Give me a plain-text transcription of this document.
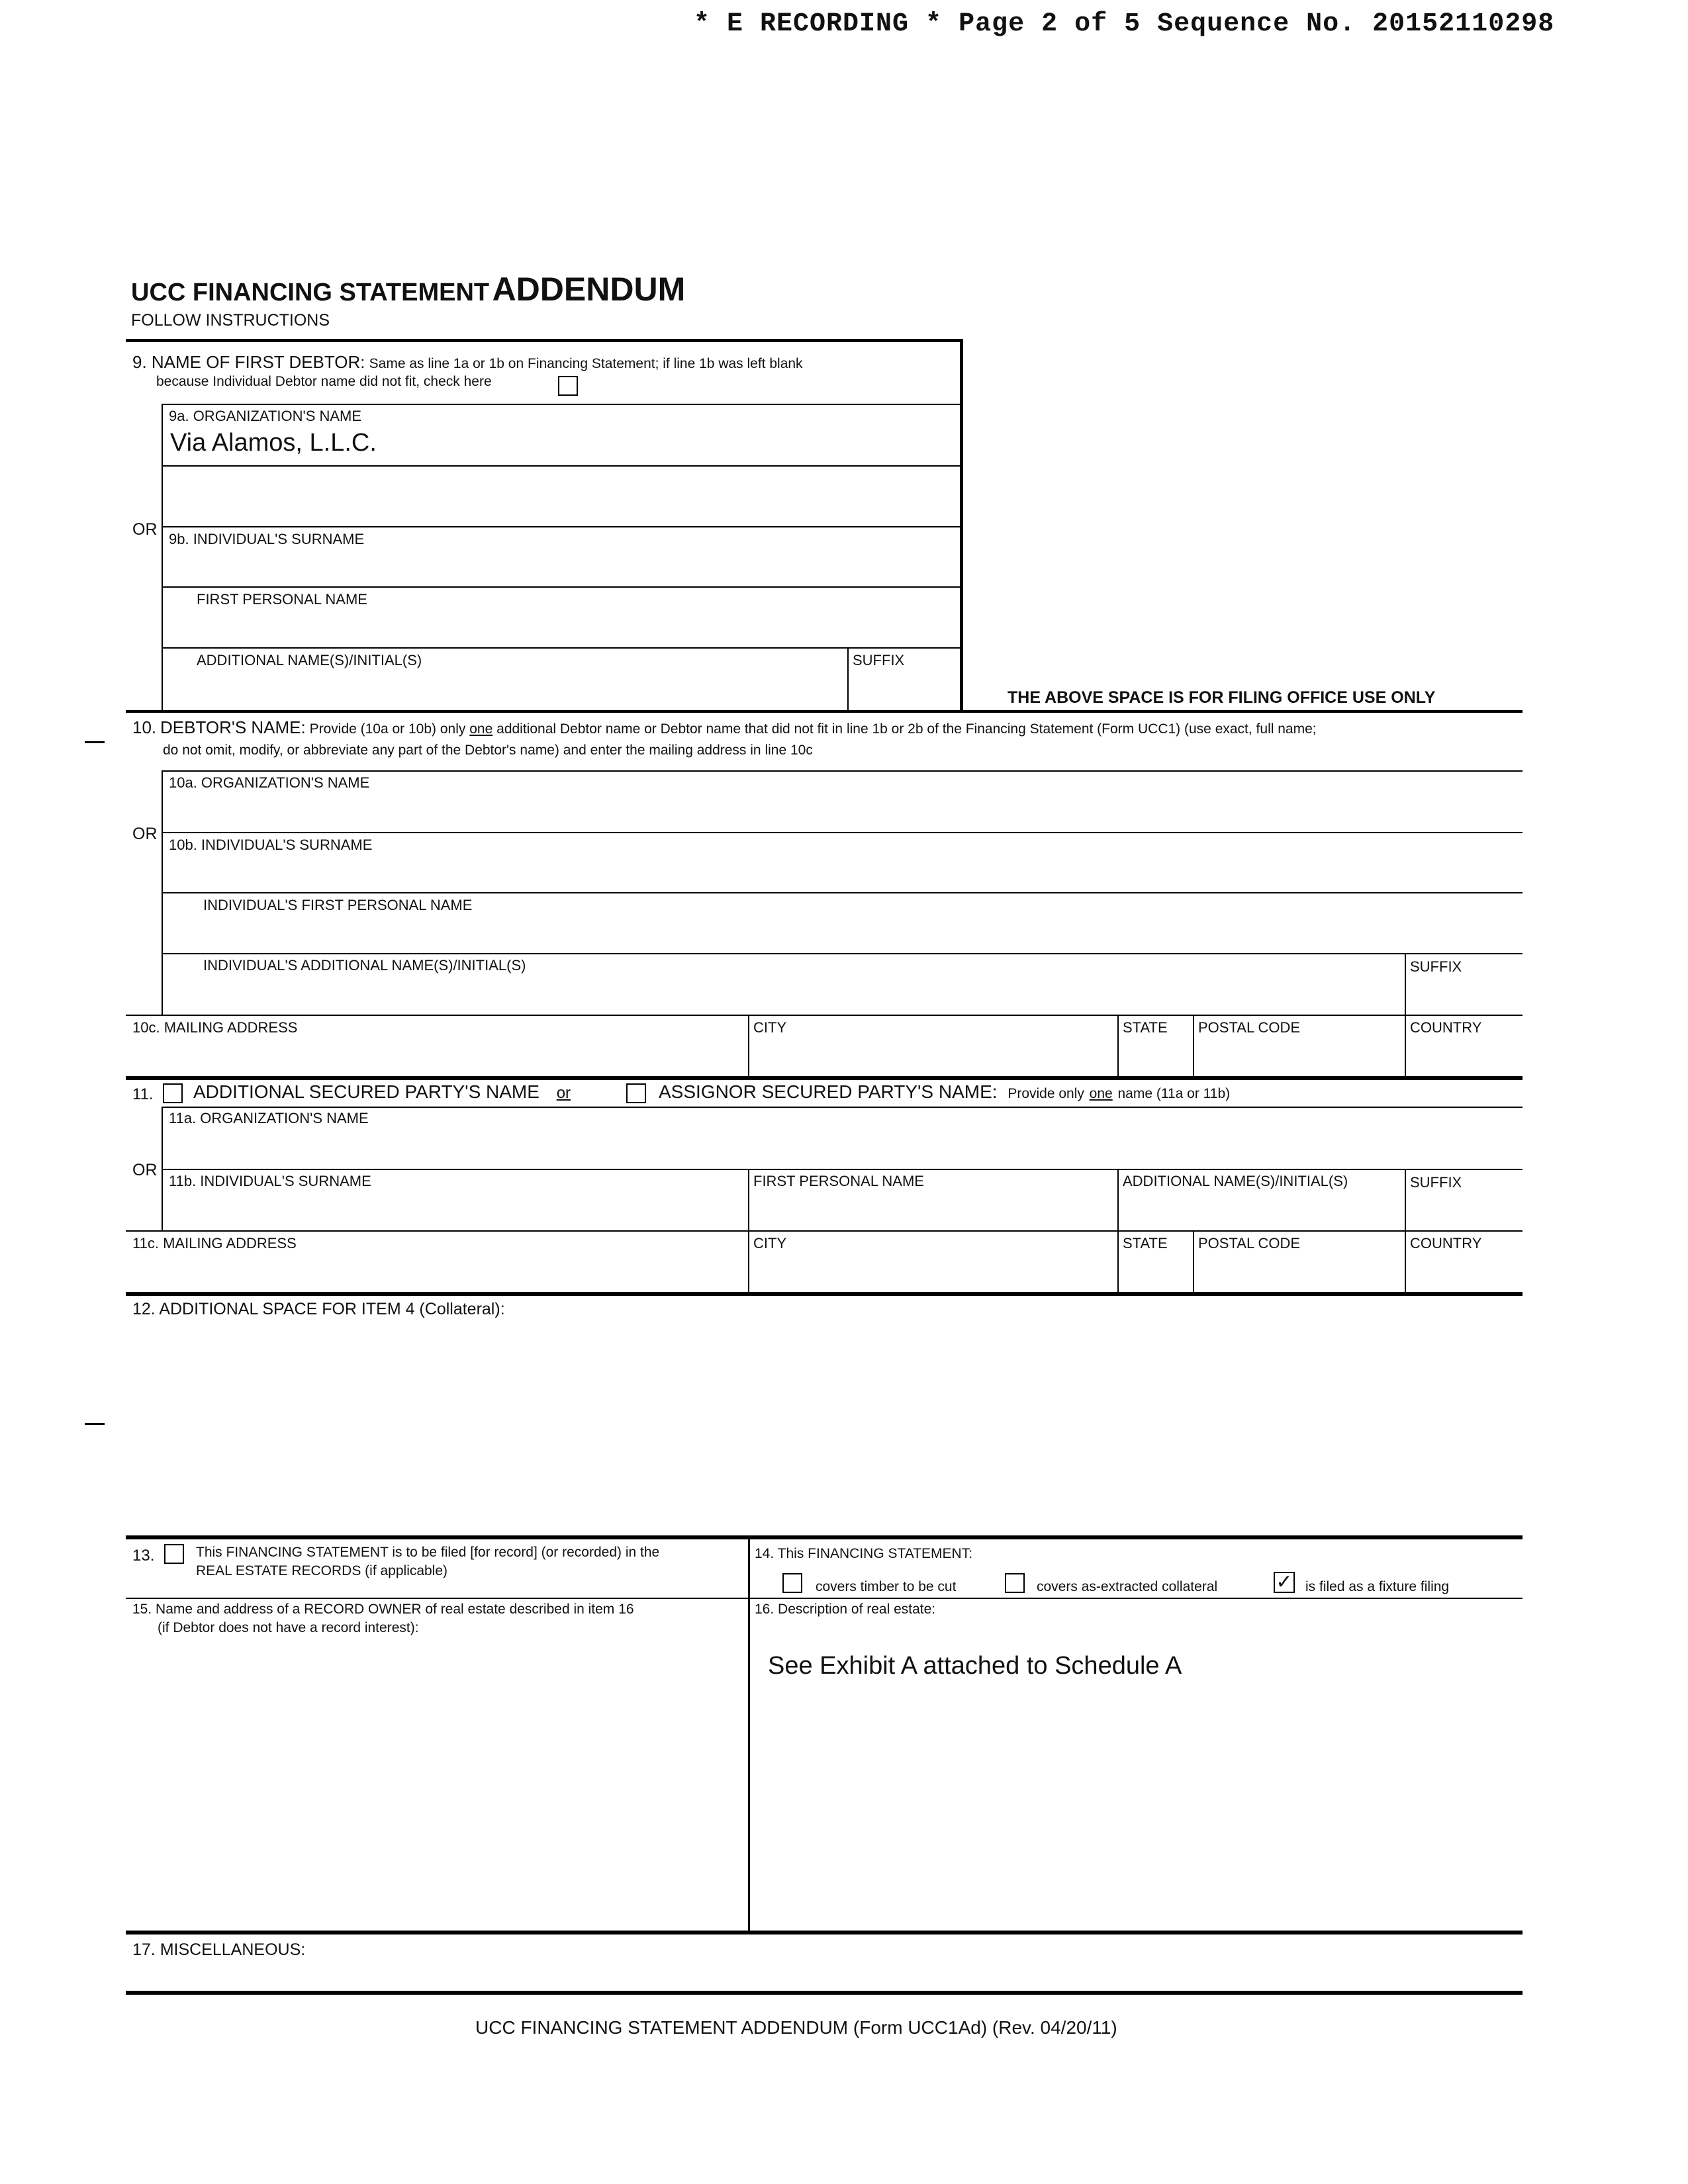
* E RECORDING * Page 2 of 5 Sequence No. 20152110298
UCC FINANCING STATEMENT ADDENDUM
FOLLOW INSTRUCTIONS
9. NAME OF FIRST DEBTOR: Same as line 1a or 1b on Financing Statement; if line 1b was left blank
because Individual Debtor name did not fit, check here
9a. ORGANIZATION'S NAME
Via Alamos, L.L.C.
OR
9b. INDIVIDUAL'S SURNAME
FIRST PERSONAL NAME
ADDITIONAL NAME(S)/INITIAL(S)	SUFFIX
THE ABOVE SPACE IS FOR FILING OFFICE USE ONLY
10. DEBTOR'S NAME: Provide (10a or 10b) only one additional Debtor name or Debtor name that did not fit in line 1b or 2b of the Financing Statement (Form UCC1) (use exact, full name;
do not omit, modify, or abbreviate any part of the Debtor's name) and enter the mailing address in line 10c
10a. ORGANIZATION'S NAME
OR
10b. INDIVIDUAL'S SURNAME
INDIVIDUAL'S FIRST PERSONAL NAME
INDIVIDUAL'S ADDITIONAL NAME(S)/INITIAL(S)	SUFFIX
10c. MAILING ADDRESS	CITY	STATE POSTAL CODE	COUNTRY
11. ADDITIONAL SECURED PARTY'S NAME or	ASSIGNOR SECURED PARTY'S NAME: Provide only one name (11a or 11b)
11a. ORGANIZATION'S NAME
OR
11b. INDIVIDUAL'S SURNAME	FIRST PERSONAL NAME	ADDITIONAL NAME(S)/INITIAL(S)	SUFFIX
11c. MAILING ADDRESS	CITY	STATE POSTAL CODE	COUNTRY
12. ADDITIONAL SPACE FOR ITEM 4 (Collateral):
13.	This FINANCING STATEMENT is to be filed [for record] (or recorded) in the
REAL ESTATE RECORDS (if applicable)
14. This FINANCING STATEMENT:
covers timber to be cut	covers as-extracted collateral	✓ is filed as a fixture filing
15. Name and address of a RECORD OWNER of real estate described in item 16
(if Debtor does not have a record interest):
16. Description of real estate:
See Exhibit A attached to Schedule A
17. MISCELLANEOUS:
UCC FINANCING STATEMENT ADDENDUM (Form UCC1Ad) (Rev. 04/20/11)
